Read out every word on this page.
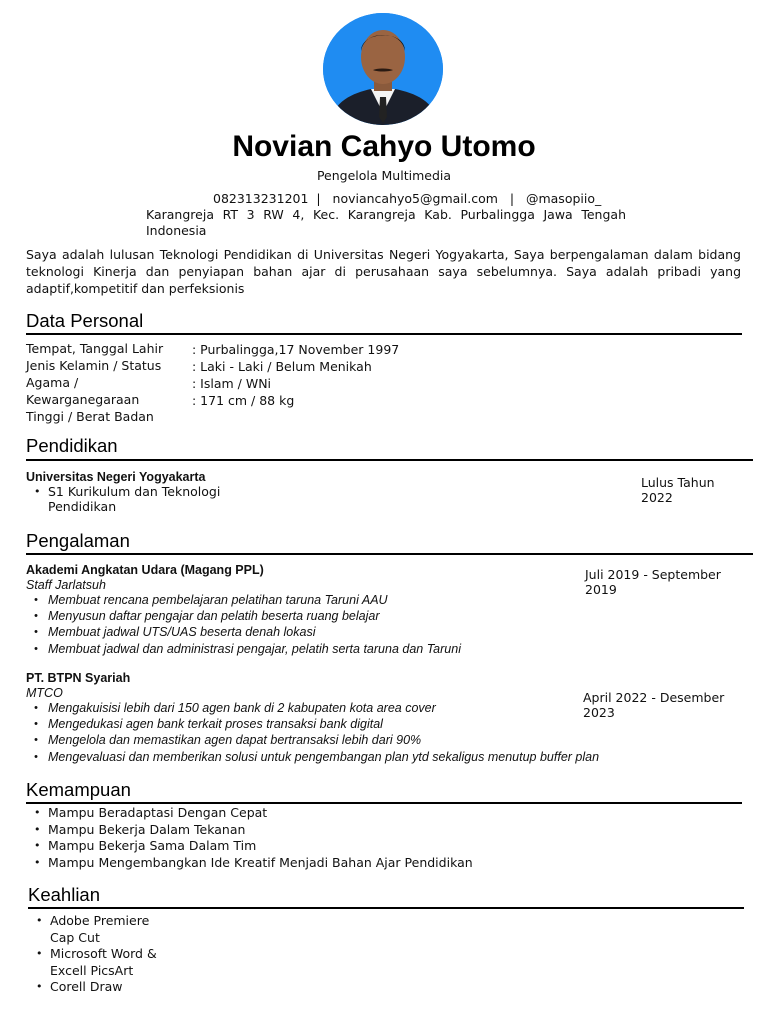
Novian Cahyo Utomo
Pengelola Multimedia
082313231201  |   noviancahyo5@gmail.com   |   @masopiio_
Karangreja RT 3 RW 4, Kec. Karangreja Kab. Purbalingga Jawa Tengah Indonesia
Saya adalah lulusan Teknologi Pendidikan di Universitas Negeri Yogyakarta, Saya berpengalaman dalam bidang teknologi Kinerja dan penyiapan bahan ajar di perusahaan saya sebelumnya. Saya adalah pribadi yang adaptif,kompetitif dan perfeksionis
Data Personal
Tempat, Tanggal Lahir
Jenis Kelamin / Status
Agama /
Kewarganegaraan
Tinggi / Berat Badan
: Purbalingga,17 November 1997
: Laki - Laki / Belum Menikah
: Islam / WNi
: 171 cm / 88 kg
Pendidikan
Universitas Negeri Yogyakarta
• S1 Kurikulum dan Teknologi Pendidikan
Lulus Tahun 2022
Pengalaman
Akademi Angkatan Udara (Magang PPL)
Staff Jarlatsuh
• Membuat rencana pembelajaran pelatihan taruna Taruni AAU
• Menyusun daftar pengajar dan pelatih beserta ruang belajar
• Membuat jadwal UTS/UAS beserta denah lokasi
• Membuat jadwal dan administrasi pengajar, pelatih serta taruna dan Taruni
Juli 2019 - September 2019
PT. BTPN Syariah
MTCO
• Mengakuisisi lebih dari 150 agen bank di 2 kabupaten kota area cover
• Mengedukasi agen bank terkait proses transaksi bank digital
• Mengelola dan memastikan agen dapat bertransaksi lebih dari 90%
• Mengevaluasi dan memberikan solusi untuk pengembangan plan ytd sekaligus menutup buffer plan
April 2022 - Desember 2023
Kemampuan
• Mampu Beradaptasi Dengan Cepat
• Mampu Bekerja Dalam Tekanan
• Mampu Bekerja Sama Dalam Tim
• Mampu Mengembangkan Ide Kreatif Menjadi Bahan Ajar Pendidikan
Keahlian
• Adobe Premiere Cap Cut
• Microsoft Word & Excell PicsArt
• Corell Draw
